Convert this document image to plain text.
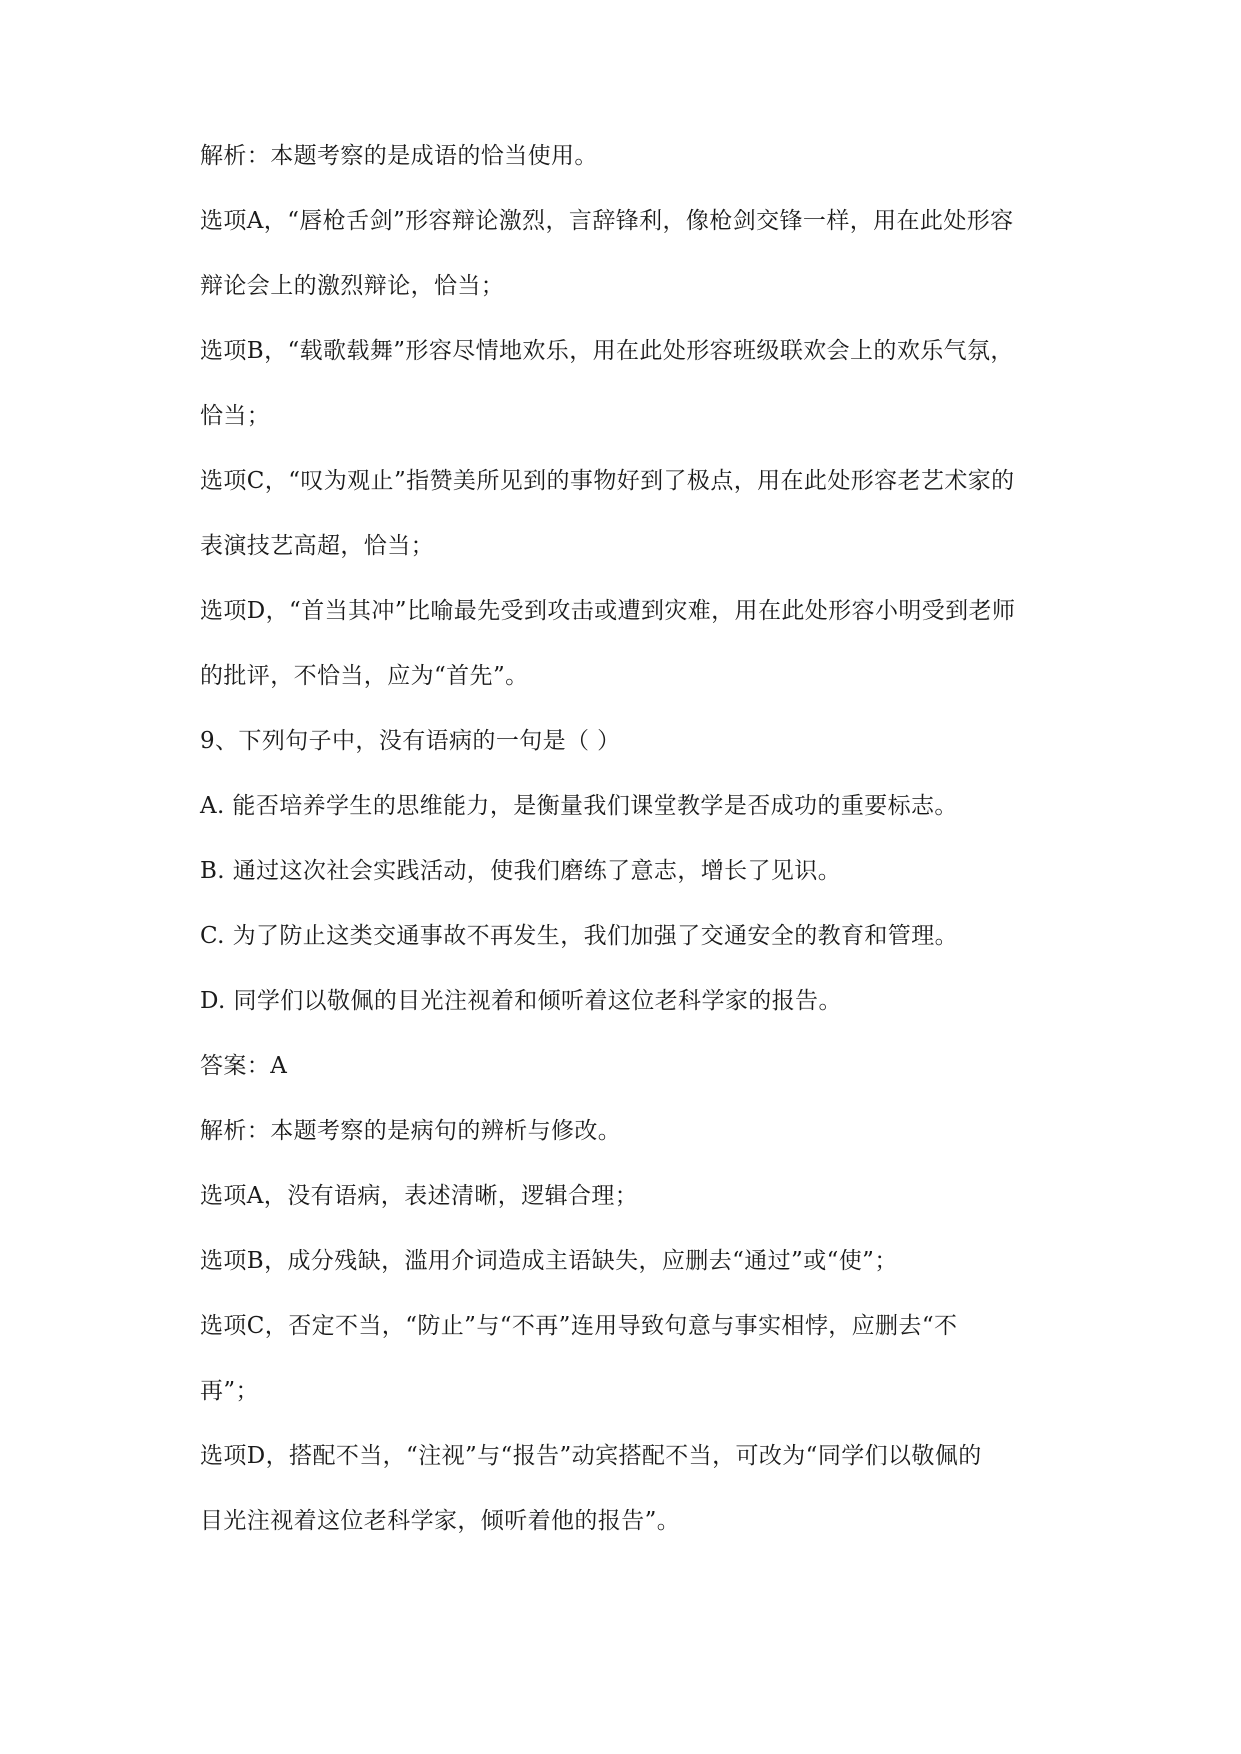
解析：本题考察的是成语的恰当使用。
选项A，“唇枪舌剑”形容辩论激烈，言辞锋利，像枪剑交锋一样，用在此处形容
辩论会上的激烈辩论，恰当；
选项B，“载歌载舞”形容尽情地欢乐，用在此处形容班级联欢会上的欢乐气氛，
恰当；
选项C，“叹为观止”指赞美所见到的事物好到了极点，用在此处形容老艺术家的
表演技艺高超，恰当；
选项D，“首当其冲”比喻最先受到攻击或遭到灾难，用在此处形容小明受到老师
的批评，不恰当，应为“首先”。
9、下列句子中，没有语病的一句是（ ）
A. 能否培养学生的思维能力，是衡量我们课堂教学是否成功的重要标志。
B. 通过这次社会实践活动，使我们磨练了意志，增长了见识。
C. 为了防止这类交通事故不再发生，我们加强了交通安全的教育和管理。
D. 同学们以敬佩的目光注视着和倾听着这位老科学家的报告。
答案：A
解析：本题考察的是病句的辨析与修改。
选项A，没有语病，表述清晰，逻辑合理；
选项B，成分残缺，滥用介词造成主语缺失，应删去“通过”或“使”；
选项C，否定不当，“防止”与“不再”连用导致句意与事实相悖，应删去“不
再”；
选项D，搭配不当，“注视”与“报告”动宾搭配不当，可改为“同学们以敬佩的
目光注视着这位老科学家，倾听着他的报告”。
